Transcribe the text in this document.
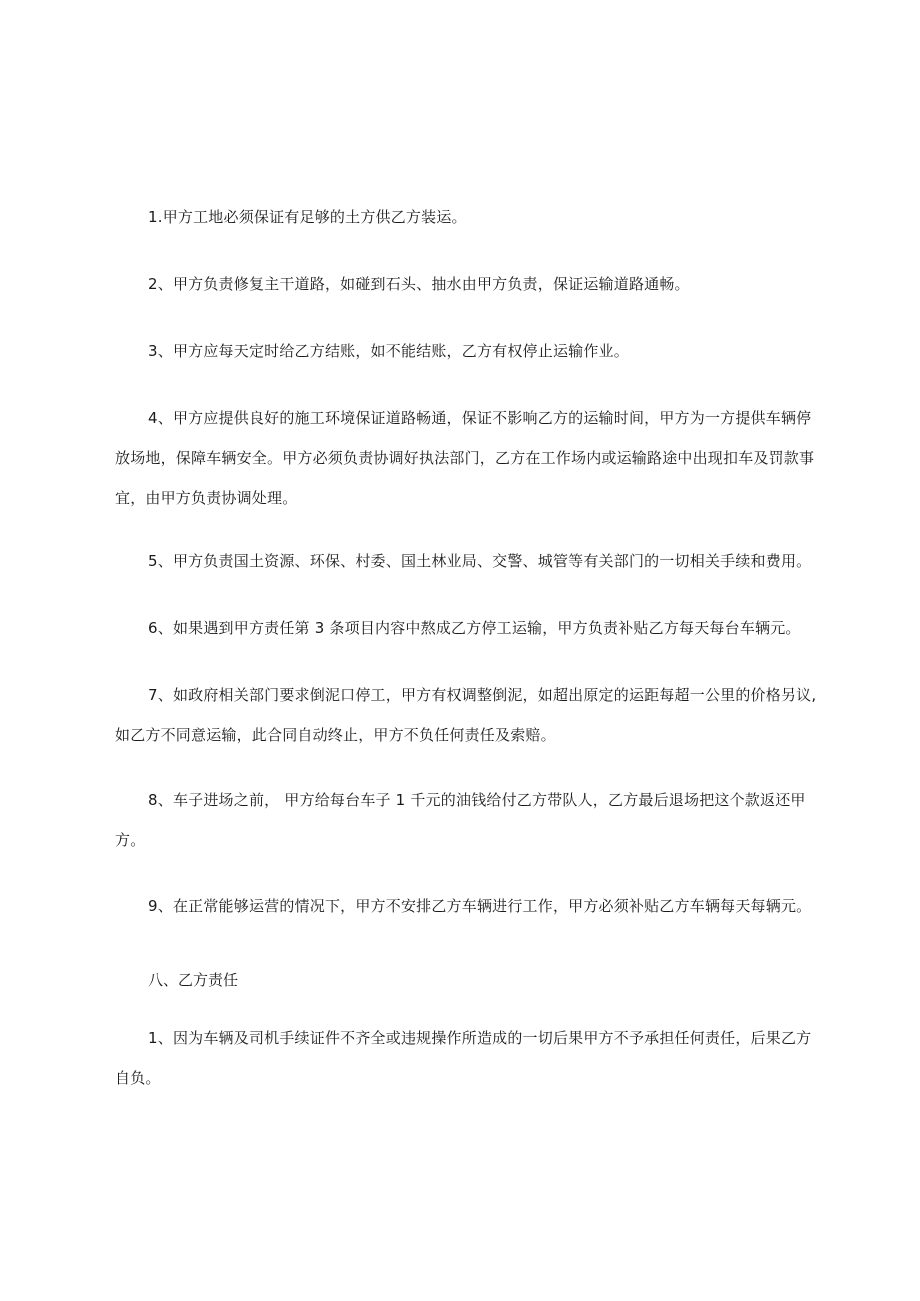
1.甲方工地必须保证有足够的土方供乙方装运。

2、甲方负责修复主干道路，如碰到石头、抽水由甲方负责，保证运输道路通畅。

3、甲方应每天定时给乙方结账，如不能结账，乙方有权停止运输作业。

4、甲方应提供良好的施工环境保证道路畅通，保证不影响乙方的运输时间，甲方为一方提供车辆停放场地，保障车辆安全。甲方必须负责协调好执法部门，乙方在工作场内或运输路途中出现扣车及罚款事宜，由甲方负责协调处理。

5、甲方负责国土资源、环保、村委、国土林业局、交警、城管等有关部门的一切相关手续和费用。

6、如果遇到甲方责任第 3 条项目内容中熬成乙方停工运输，甲方负责补贴乙方每天每台车辆元。

7、如政府相关部门要求倒泥口停工，甲方有权调整倒泥，如超出原定的运距每超一公里的价格另议,如乙方不同意运输，此合同自动终止，甲方不负任何责任及索赔。

8、车子进场之前， 甲方给每台车子 1 千元的油钱给付乙方带队人，乙方最后退场把这个款返还甲方。

9、在正常能够运营的情况下，甲方不安排乙方车辆进行工作，甲方必须补贴乙方车辆每天每辆元。

八、乙方责任

1、因为车辆及司机手续证件不齐全或违规操作所造成的一切后果甲方不予承担任何责任，后果乙方自负。
